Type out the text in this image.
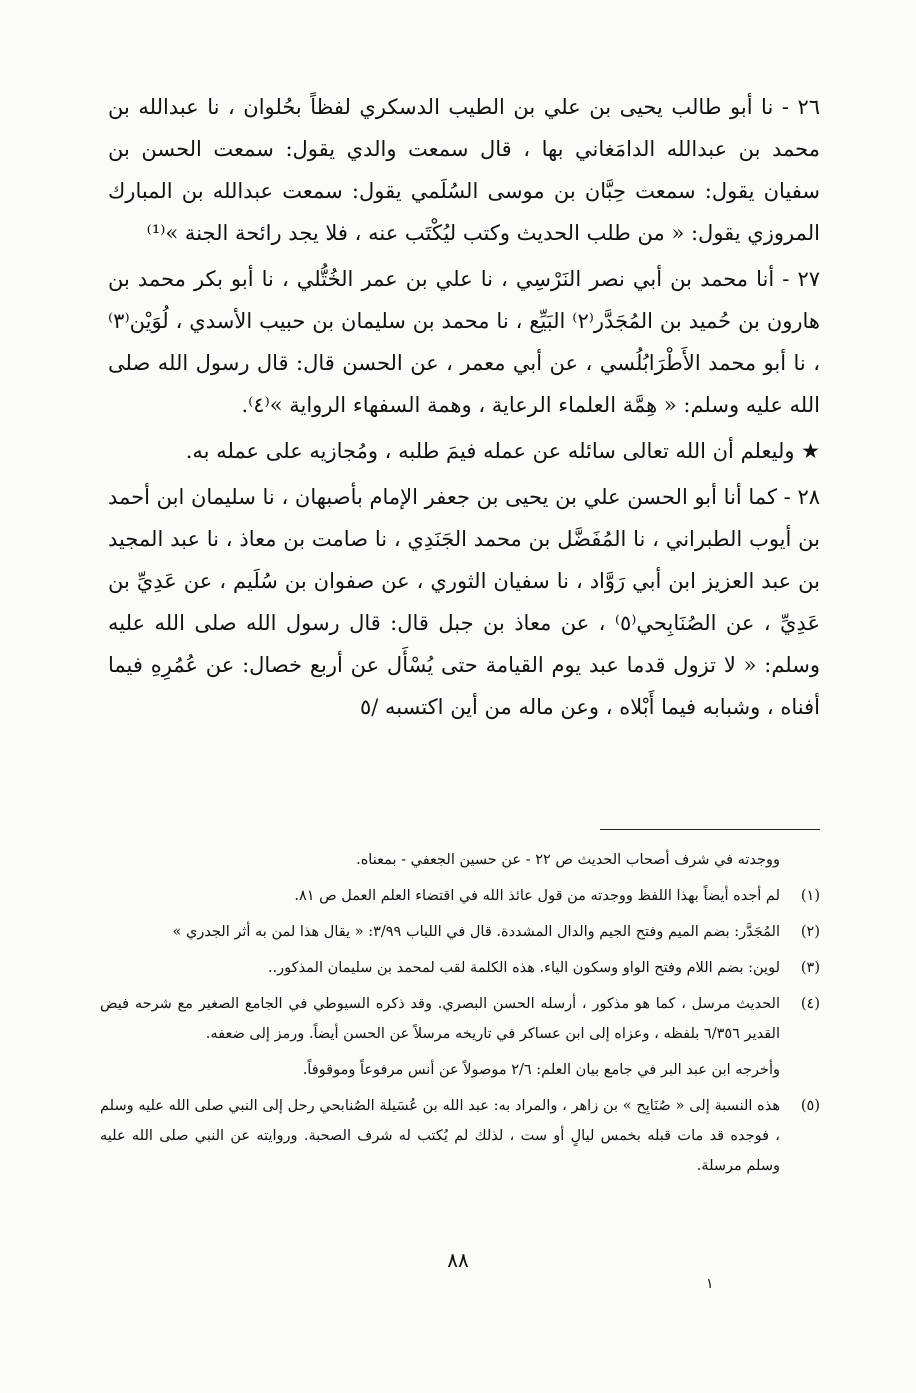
٢٦ - نا أبو طالب يحيى بن علي بن الطيب الدسكري لفظاً بحُلوان ، نا عبدالله بن محمد بن عبدالله الدامَغاني بها ، قال سمعت والدي يقول: سمعت الحسن بن سفيان يقول: سمعت حِبَّان بن موسى السُلَمي يقول: سمعت عبدالله بن المبارك المروزي يقول: « من طلب الحديث وكتب ليُكْتَب عنه ، فلا يجد رائحة الجنة »⁽¹⁾

٢٧ - أنا محمد بن أبي نصر النَرْسِي ، نا علي بن عمر الخُتُّلي ، نا أبو بكر محمد بن هارون بن حُميد بن المُجَدَّر⁽٢⁾ البَيِّع ، نا محمد بن سليمان بن حبيب الأسدي ، لُوَيْن⁽٣⁾ ، نا أبو محمد الأَطْرَابُلُسي ، عن أبي معمر ، عن الحسن قال: قال رسول الله صلى الله عليه وسلم: « هِمَّة العلماء الرعاية ، وهمة السفهاء الرواية »⁽٤⁾.

★ وليعلم أن الله تعالى سائله عن عمله فيمَ طلبه ، ومُجازيه على عمله به.

٢٨ - كما أنا أبو الحسن علي بن يحيى بن جعفر الإمام بأصبهان ، نا سليمان ابن أحمد بن أيوب الطبراني ، نا المُفَضَّل بن محمد الجَنَدِي ، نا صامت بن معاذ ، نا عبد المجيد بن عبد العزيز ابن أبي رَوَّاد ، نا سفيان الثوري ، عن صفوان بن سُلَيم ، عن عَدِيِّ بن عَدِيِّ ، عن الصُنَابِحي⁽٥⁾ ، عن معاذ بن جبل قال: قال رسول الله صلى الله عليه وسلم: « لا تزول قدما عبد يوم القيامة حتى يُسْأَل عن أربع خصال: عن عُمُرِهِ فيما أفناه ، وشبابه فيما أَبْلاه ، وعن ماله من أين اكتسبه /٥

ووجدته في شرف أصحاب الحديث ص ٢٢ - عن حسين الجعفي - بمعناه.

(١)
لم أجده أيضاً بهذا اللفظ ووجدته من قول عائذ الله في اقتضاء العلم العمل ص ٨١.
(٢)
المُجَدَّر: بضم الميم وفتح الجيم والدال المشددة. قال في اللباب ٣/٩٩: « يقال هذا لمن به أثر الجدري »
(٣)
لوين: بضم اللام وفتح الواو وسكون الياء. هذه الكلمة لقب لمحمد بن سليمان المذكور..
(٤)
الحديث مرسل ، كما هو مذكور ، أرسله الحسن البصري. وقد ذكره السيوطي في الجامع الصغير مع شرحه فيض القدير ٦/٣٥٦ بلفظه ، وعزاه إلى ابن عساكر في تاريخه مرسلاً عن الحسن أيضاً. ورمز إلى ضعفه.

وأخرجه ابن عبد البر في جامع بيان العلم: ٢/٦ موصولاً عن أنس مرفوعاً وموقوفاً.

(٥)
هذه النسبة إلى « صُنَابِح » بن زاهر ، والمراد به: عبد الله بن عُسَيلة الصُنابحي رحل إلى النبي صلى الله عليه وسلم ، فوجده قد مات قبله بخمس ليالٍ أو ست ، لذلك لم يُكتب له شرف الصحبة. وروايته عن النبي صلى الله عليه وسلم مرسلة.
٨٨
١
